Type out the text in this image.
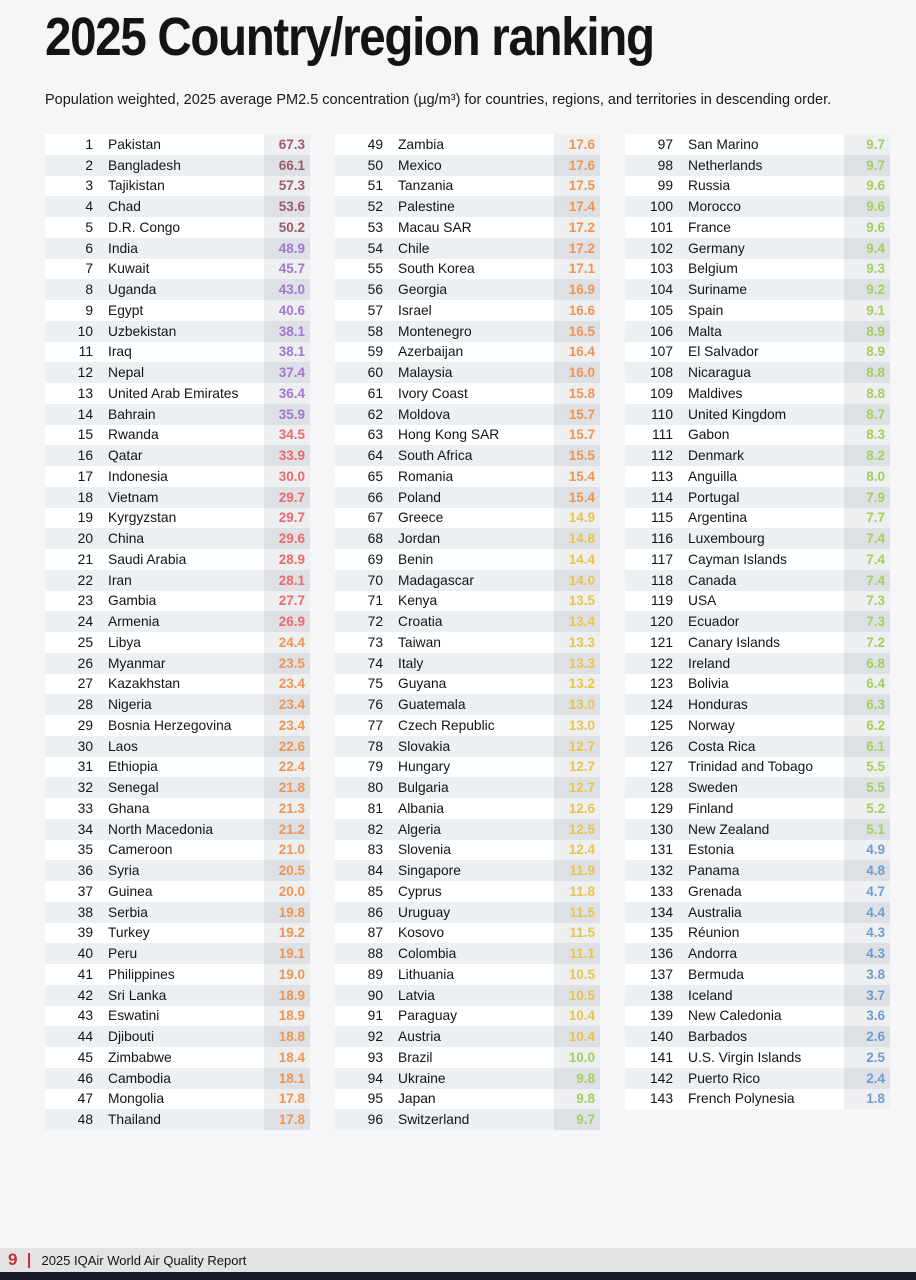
2025 Country/region ranking

Population weighted, 2025 average PM2.5 concentration (µg/m³) for countries, regions, and territories in descending order.

1 Pakistan	67.3
2 Bangladesh	66.1
3 Tajikistan	57.3
4 Chad	53.6
5 D.R. Congo	50.2
6 India	48.9
7 Kuwait	45.7
8 Uganda	43.0
9 Egypt	40.6
10 Uzbekistan	38.1
11 Iraq	38.1
12 Nepal	37.4
13 United Arab Emirates	36.4
14 Bahrain	35.9
15 Rwanda	34.5
16 Qatar	33.9
17 Indonesia	30.0
18 Vietnam	29.7
19 Kyrgyzstan	29.7
20 China	29.6
21 Saudi Arabia	28.9
22 Iran	28.1
23 Gambia	27.7
24 Armenia	26.9
25 Libya	24.4
26 Myanmar	23.5
27 Kazakhstan	23.4
28 Nigeria	23.4
29 Bosnia Herzegovina	23.4
30 Laos	22.6
31 Ethiopia	22.4
32 Senegal	21.8
33 Ghana	21.3
34 North Macedonia	21.2
35 Cameroon	21.0
36 Syria	20.5
37 Guinea	20.0
38 Serbia	19.8
39 Turkey	19.2
40 Peru	19.1
41 Philippines	19.0
42 Sri Lanka	18.9
43 Eswatini	18.9
44 Djibouti	18.8
45 Zimbabwe	18.4
46 Cambodia	18.1
47 Mongolia	17.8
48 Thailand	17.8
49 Zambia	17.6
50 Mexico	17.6
51 Tanzania	17.5
52 Palestine	17.4
53 Macau SAR	17.2
54 Chile	17.2
55 South Korea	17.1
56 Georgia	16.9
57 Israel	16.6
58 Montenegro	16.5
59 Azerbaijan	16.4
60 Malaysia	16.0
61 Ivory Coast	15.8
62 Moldova	15.7
63 Hong Kong SAR	15.7
64 South Africa	15.5
65 Romania	15.4
66 Poland	15.4
67 Greece	14.9
68 Jordan	14.8
69 Benin	14.4
70 Madagascar	14.0
71 Kenya	13.5
72 Croatia	13.4
73 Taiwan	13.3
74 Italy	13.3
75 Guyana	13.2
76 Guatemala	13.0
77 Czech Republic	13.0
78 Slovakia	12.7
79 Hungary	12.7
80 Bulgaria	12.7
81 Albania	12.6
82 Algeria	12.5
83 Slovenia	12.4
84 Singapore	11.9
85 Cyprus	11.8
86 Uruguay	11.5
87 Kosovo	11.5
88 Colombia	11.1
89 Lithuania	10.5
90 Latvia	10.5
91 Paraguay	10.4
92 Austria	10.4
93 Brazil	10.0
94 Ukraine	9.8
95 Japan	9.8
96 Switzerland	9.7
97 San Marino	9.7
98 Netherlands	9.7
99 Russia	9.6
100 Morocco	9.6
101 France	9.6
102 Germany	9.4
103 Belgium	9.3
104 Suriname	9.2
105 Spain	9.1
106 Malta	8.9
107 El Salvador	8.9
108 Nicaragua	8.8
109 Maldives	8.8
110 United Kingdom	8.7
111 Gabon	8.3
112 Denmark	8.2
113 Anguilla	8.0
114 Portugal	7.9
115 Argentina	7.7
116 Luxembourg	7.4
117 Cayman Islands	7.4
118 Canada	7.4
119 USA	7.3
120 Ecuador	7.3
121 Canary Islands	7.2
122 Ireland	6.8
123 Bolivia	6.4
124 Honduras	6.3
125 Norway	6.2
126 Costa Rica	6.1
127 Trinidad and Tobago	5.5
128 Sweden	5.5
129 Finland	5.2
130 New Zealand	5.1
131 Estonia	4.9
132 Panama	4.8
133 Grenada	4.7
134 Australia	4.4
135 Réunion	4.3
136 Andorra	4.3
137 Bermuda	3.8
138 Iceland	3.7
139 New Caledonia	3.6
140 Barbados	2.6
141 U.S. Virgin Islands	2.5
142 Puerto Rico	2.4
143 French Polynesia	1.8
9 2025 IQAir World Air Quality Report
